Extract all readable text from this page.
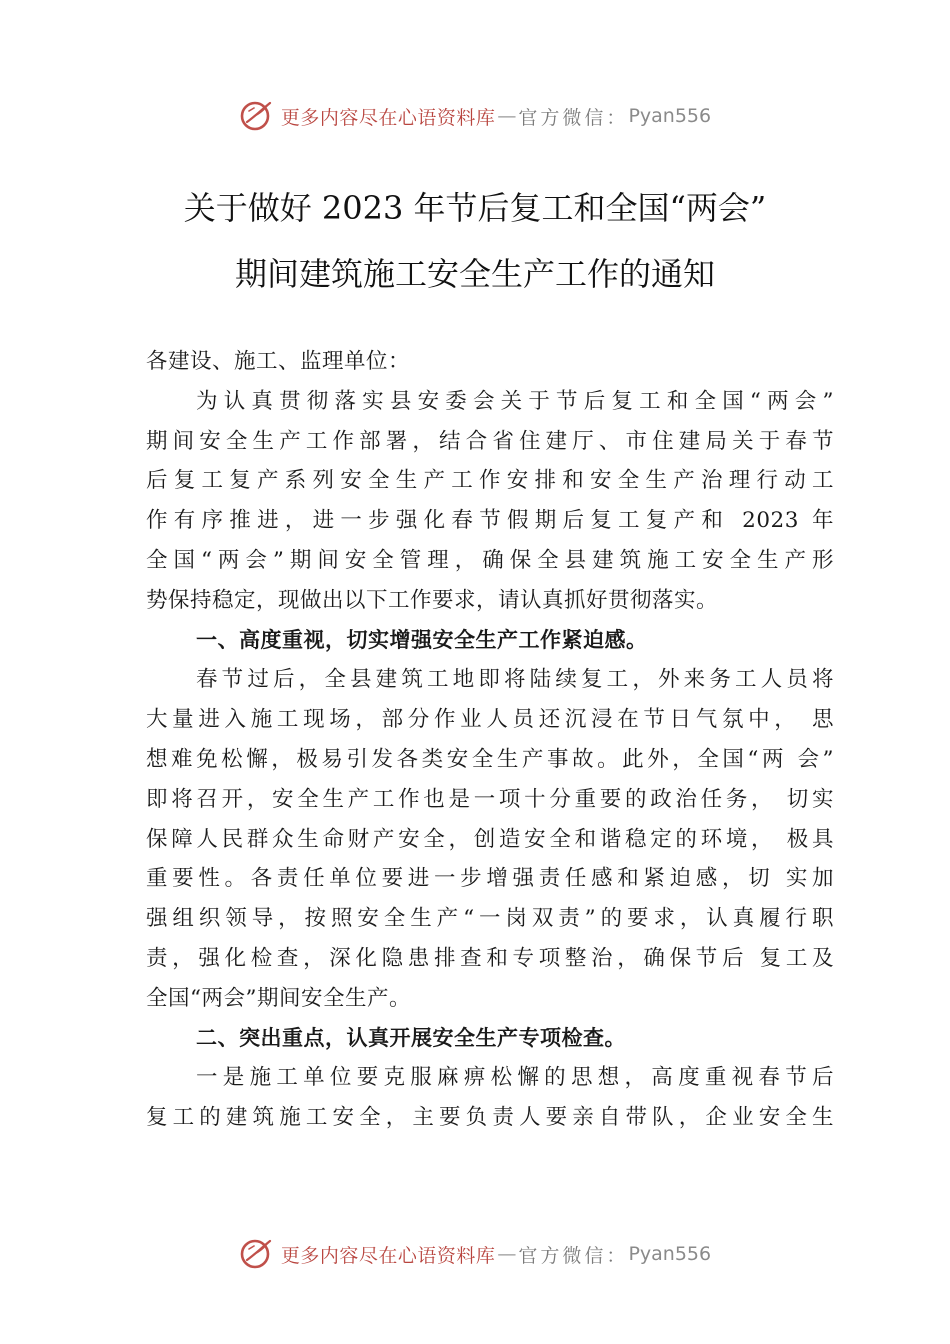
更多内容尽在心语资料库 — 官方微信： Pyan556
关于做好 2023 年节后复工和全国“两会”
期间建筑施工安全生产工作的通知
各建设、施工、监理单位：
为认真贯彻落实县安委会关于节后复工和全国“两会”
期间安全生产工作部署，结合省住建厅、市住建局关于春节
后复工复产系列安全生产工作安排和安全生产治理行动工
作有序推进，进一步强化春节假期后复工复产和 2023 年
全国“两会”期间安全管理，确保全县建筑施工安全生产形
势保持稳定，现做出以下工作要求，请认真抓好贯彻落实。
一、高度重视，切实增强安全生产工作紧迫感。
春节过后，全县建筑工地即将陆续复工，外来务工人员将
大量进入施工现场，部分作业人员还沉浸在节日气氛中， 思
想难免松懈，极易引发各类安全生产事故。此外，全国“两 会”
即将召开，安全生产工作也是一项十分重要的政治任务， 切实
保障人民群众生命财产安全，创造安全和谐稳定的环境， 极具
重要性。各责任单位要进一步增强责任感和紧迫感，切 实加
强组织领导，按照安全生产“一岗双责”的要求，认真履行职
责，强化检查，深化隐患排查和专项整治，确保节后 复工及
全国“两会”期间安全生产。
二、突出重点，认真开展安全生产专项检查。
一是施工单位要克服麻痹松懈的思想，高度重视春节后
复工的建筑施工安全，主要负责人要亲自带队，企业安全生
更多内容尽在心语资料库 — 官方微信： Pyan556
